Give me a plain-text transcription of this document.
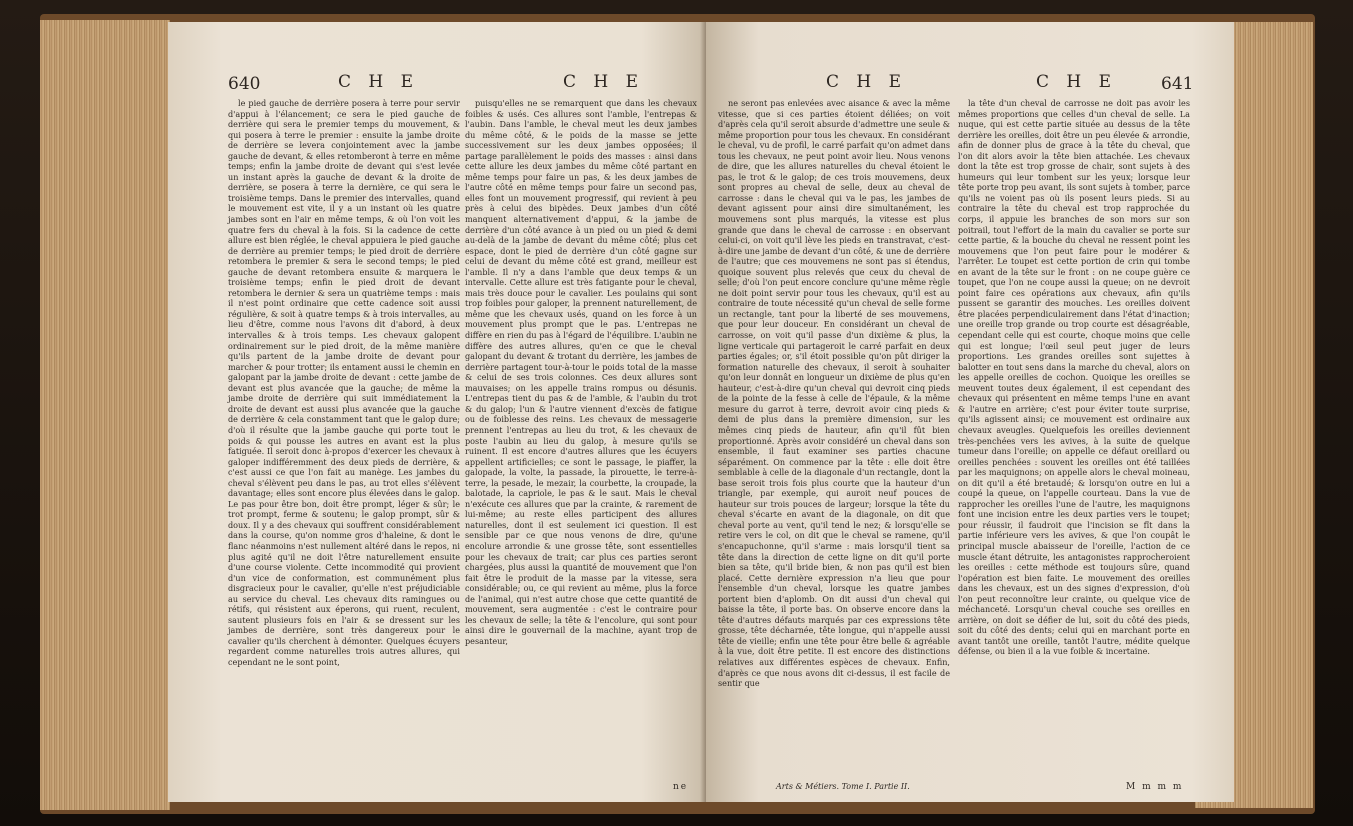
640	C H E	C H E

le pied gauche de derrière posera à terre pour servir d'appui à l'élancement; ce sera le pied gauche de derrière qui sera le premier temps du mouvement, & qui posera à terre le premier : ensuite la jambe droite de derrière se levera conjointement avec la jambe gauche de devant, & elles retomberont à terre en même temps; enfin la jambe droite de devant qui s'est levée un instant après la gauche de devant & la droite de derrière, se posera à terre la dernière, ce qui sera le troisième temps. Dans le premier des intervalles, quand le mouvement est vite, il y a un instant où les quatre jambes sont en l'air en même temps, & où l'on voit les quatre fers du cheval à la fois. Si la cadence de cette allure est bien réglée, le cheval appuiera le pied gauche de derrière au premier temps; le pied droit de derrière retombera le premier & sera le second temps; le pied gauche de devant retombera ensuite & marquera le troisième temps; enfin le pied droit de devant retombera le dernier & sera un quatrième temps : mais il n'est point ordinaire que cette cadence soit aussi régulière, & soit à quatre temps & à trois intervalles, au lieu d'être, comme nous l'avons dit d'abord, à deux intervalles & à trois temps. Les chevaux galopent ordinairement sur le pied droit, de la même manière qu'ils partent de la jambe droite de devant pour marcher & pour trotter; ils entament aussi le chemin en galopant par la jambe droite de devant : cette jambe de devant est plus avancée que la gauche; de même la jambe droite de derrière qui suit immédiatement la droite de devant est aussi plus avancée que la gauche de derrière & cela constamment tant que le galop dure; d'où il résulte que la jambe gauche qui porte tout le poids & qui pousse les autres en avant est la plus fatiguée. Il seroit donc à-propos d'exercer les chevaux à galoper indifféremment des deux pieds de derrière, & c'est aussi ce que l'on fait au manège. Les jambes du cheval s'élèvent peu dans le pas, au trot elles s'élèvent davantage; elles sont encore plus élevées dans le galop. Le pas pour être bon, doit être prompt, léger & sûr; le trot prompt, ferme & soutenu; le galop prompt, sûr & doux. Il y a des chevaux qui souffrent considérablement dans la course, qu'on nomme gros d'haleine, & dont le flanc néanmoins n'est nullement altéré dans le repos, ni plus agité qu'il ne doit l'être naturellement ensuite d'une course violente. Cette incommodité qui provient d'un vice de conformation, est communément plus disgracieux pour le cavalier, qu'elle n'est préjudiciable au service du cheval. Les chevaux dits ramingues ou rétifs, qui résistent aux éperons, qui ruent, reculent, sautent plusieurs fois en l'air & se dressent sur les jambes de derrière, sont très dangereux pour le cavalier qu'ils cherchent à démonter. Quelques écuyers regardent comme naturelles trois autres allures, qui cependant ne le sont point,

puisqu'elles ne se remarquent que dans les chevaux foibles & usés. Ces allures sont l'amble, l'entrepas & l'aubin. Dans l'amble, le cheval meut les deux jambes du même côté, & le poids de la masse se jette successivement sur les deux jambes opposées; il partage parallèlement le poids des masses : ainsi dans cette allure les deux jambes du même côté partant en même temps pour faire un pas, & les deux jambes de l'autre côté en même temps pour faire un second pas, elles font un mouvement progressif, qui revient à peu près à celui des bipèdes. Deux jambes d'un côté manquent alternativement d'appui, & la jambe de derrière d'un côté avance à un pied ou un pied & demi au-delà de la jambe de devant du même côté; plus cet espace, dont le pied de derrière d'un côté gagne sur celui de devant du même côté est grand, meilleur est l'amble. Il n'y a dans l'amble que deux temps & un intervalle. Cette allure est très fatigante pour le cheval, mais très douce pour le cavalier. Les poulains qui sont trop foibles pour galoper, la prennent naturellement, de même que les chevaux usés, quand on les force à un mouvement plus prompt que le pas. L'entrepas ne diffère en rien du pas à l'égard de l'équilibre. L'aubin ne diffère des autres allures, qu'en ce que le cheval galopant du devant & trotant du derrière, les jambes de derrière partagent tour-à-tour le poids total de la masse & celui de ses trois colonnes. Ces deux allures sont mauvaises; on les appelle trains rompus ou désunis. L'entrepas tient du pas & de l'amble, & l'aubin du trot & du galop; l'un & l'autre viennent d'excès de fatigue ou de foiblesse des reins. Les chevaux de messagerie prennent l'entrepas au lieu du trot, & les chevaux de poste l'aubin au lieu du galop, à mesure qu'ils se ruinent. Il est encore d'autres allures que les écuyers appellent artificielles; ce sont le passage, le piaffer, la galopade, la volte, la passade, la pirouette, le terre-à-terre, la pesade, le mezair, la courbette, la croupade, la balotade, la capriole, le pas & le saut. Mais le cheval n'exécute ces allures que par la crainte, & rarement de lui-même; au reste elles participent des allures naturelles, dont il est seulement ici question. Il est sensible par ce que nous venons de dire, qu'une encolure arrondie & une grosse tête, sont essentielles pour les chevaux de trait; car plus ces parties seront chargées, plus aussi la quantité de mouvement que l'on fait être le produit de la masse par la vitesse, sera considérable; ou, ce qui revient au même, plus la force de l'animal, qui n'est autre chose que cette quantité de mouvement, sera augmentée : c'est le contraire pour les chevaux de selle; la tête & l'encolure, qui sont pour ainsi dire le gouvernail de la machine, ayant trop de pesanteur,

ne
C H E	C H E	641

ne seront pas enlevées avec aisance & avec la même vitesse, que si ces parties étoient déliées; on voit d'après cela qu'il seroit absurde d'admettre une seule & même proportion pour tous les chevaux. En considérant le cheval, vu de profil, le carré parfait qu'on admet dans tous les chevaux, ne peut point avoir lieu. Nous venons de dire, que les allures naturelles du cheval étoient le pas, le trot & le galop; de ces trois mouvemens, deux sont propres au cheval de selle, deux au cheval de carrosse : dans le cheval qui va le pas, les jambes de devant agissent pour ainsi dire simultanément, les mouvemens sont plus marqués, la vitesse est plus grande que dans le cheval de carrosse : en observant celui-ci, on voit qu'il lève les pieds en transtravat, c'est-à-dire une jambe de devant d'un côté, & une de derrière de l'autre; que ces mouvemens ne sont pas si étendus, quoique souvent plus relevés que ceux du cheval de selle; d'où l'on peut encore conclure qu'une même règle ne doit point servir pour tous les chevaux, qu'il est au contraire de toute nécessité qu'un cheval de selle forme un rectangle, tant pour la liberté de ses mouvemens, que pour leur douceur. En considérant un cheval de carrosse, on voit qu'il passe d'un dixième & plus, la ligne verticale qui partageroit le carré parfait en deux parties égales; or, s'il étoit possible qu'on pût diriger la formation naturelle des chevaux, il seroit à souhaiter qu'on leur donnât en longueur un dixième de plus qu'en hauteur, c'est-à-dire qu'un cheval qui devroit cinq pieds de la pointe de la fesse à celle de l'épaule, & la même mesure du garrot à terre, devroit avoir cinq pieds & demi de plus dans la première dimension, sur les mêmes cinq pieds de hauteur, afin qu'il fût bien proportionné. Après avoir considéré un cheval dans son ensemble, il faut examiner ses parties chacune séparément. On commence par la tête : elle doit être semblable à celle de la diagonale d'un rectangle, dont la base seroit trois fois plus courte que la hauteur d'un triangle, par exemple, qui auroit neuf pouces de hauteur sur trois pouces de largeur; lorsque la tête du cheval s'écarte en avant de la diagonale, on dit que cheval porte au vent, qu'il tend le nez; & lorsqu'elle se retire vers le col, on dit que le cheval se ramene, qu'il s'encapuchonne, qu'il s'arme : mais lorsqu'il tient sa tête dans la direction de cette ligne on dit qu'il porte bien sa tête, qu'il bride bien, & non pas qu'il est bien placé. Cette dernière expression n'a lieu que pour l'ensemble d'un cheval, lorsque les quatre jambes portent bien d'aplomb. On dit aussi d'un cheval qui baisse la tête, il porte bas. On observe encore dans la tête d'autres défauts marqués par ces expressions tête grosse, tête décharnée, tête longue, qui n'appelle aussi tête de vieille; enfin une tête pour être belle & agréable à la vue, doit être petite. Il est encore des distinctions relatives aux différentes espèces de chevaux. Enfin, d'après ce que nous avons dit ci-dessus, il est facile de sentir que

la tête d'un cheval de carrosse ne doit pas avoir les mêmes proportions que celles d'un cheval de selle. La nuque, qui est cette partie située au dessus de la tête derrière les oreilles, doit être un peu élevée & arrondie, afin de donner plus de grace à la tête du cheval, que l'on dit alors avoir la tête bien attachée. Les chevaux dont la tête est trop grosse de chair, sont sujets à des humeurs qui leur tombent sur les yeux; lorsque leur tête porte trop peu avant, ils sont sujets à tomber, parce qu'ils ne voient pas où ils posent leurs pieds. Si au contraire la tête du cheval est trop rapprochée du corps, il appuie les branches de son mors sur son poitrail, tout l'effort de la main du cavalier se porte sur cette partie, & la bouche du cheval ne ressent point les mouvemens que l'on peut faire pour le modérer & l'arrêter. Le toupet est cette portion de crin qui tombe en avant de la tête sur le front : on ne coupe guère ce toupet, que l'on ne coupe aussi la queue; on ne devroit point faire ces opérations aux chevaux, afin qu'ils pussent se garantir des mouches. Les oreilles doivent être placées perpendiculairement dans l'état d'inaction; une oreille trop grande ou trop courte est désagréable, cependant celle qui est courte, choque moins que celle qui est longue; l'œil seul peut juger de leurs proportions. Les grandes oreilles sont sujettes à balotter en tout sens dans la marche du cheval, alors on les appelle oreilles de cochon. Quoique les oreilles se meuvent toutes deux également, il est cependant des chevaux qui présentent en même temps l'une en avant & l'autre en arrière; c'est pour éviter toute surprise, qu'ils agissent ainsi; ce mouvement est ordinaire aux chevaux aveugles. Quelquefois les oreilles deviennent très-penchées vers les avives, à la suite de quelque tumeur dans l'oreille; on appelle ce défaut oreillard ou oreilles penchées : souvent les oreilles ont été taillées par les maquignons; on appelle alors le cheval moineau, on dit qu'il a été bretaudé; & lorsqu'on outre en lui a coupé la queue, on l'appelle courteau. Dans la vue de rapprocher les oreilles l'une de l'autre, les maquignons font une incision entre les deux parties vers le toupet; pour réussir, il faudroit que l'incision se fît dans la partie inférieure vers les avives, & que l'on coupât le principal muscle abaisseur de l'oreille, l'action de ce muscle étant détruite, les antagonistes rapprocheroient les oreilles : cette méthode est toujours sûre, quand l'opération est bien faite. Le mouvement des oreilles dans les chevaux, est un des signes d'expression, d'où l'on peut reconnoître leur crainte, ou quelque vice de méchanceté. Lorsqu'un cheval couche ses oreilles en arrière, on doit se défier de lui, soit du côté des pieds, soit du côté des dents; celui qui en marchant porte en avant tantôt une oreille, tantôt l'autre, médite quelque défense, ou bien il a la vue foible & incertaine.

Arts & Métiers. Tome I. Partie II.	M m m m
